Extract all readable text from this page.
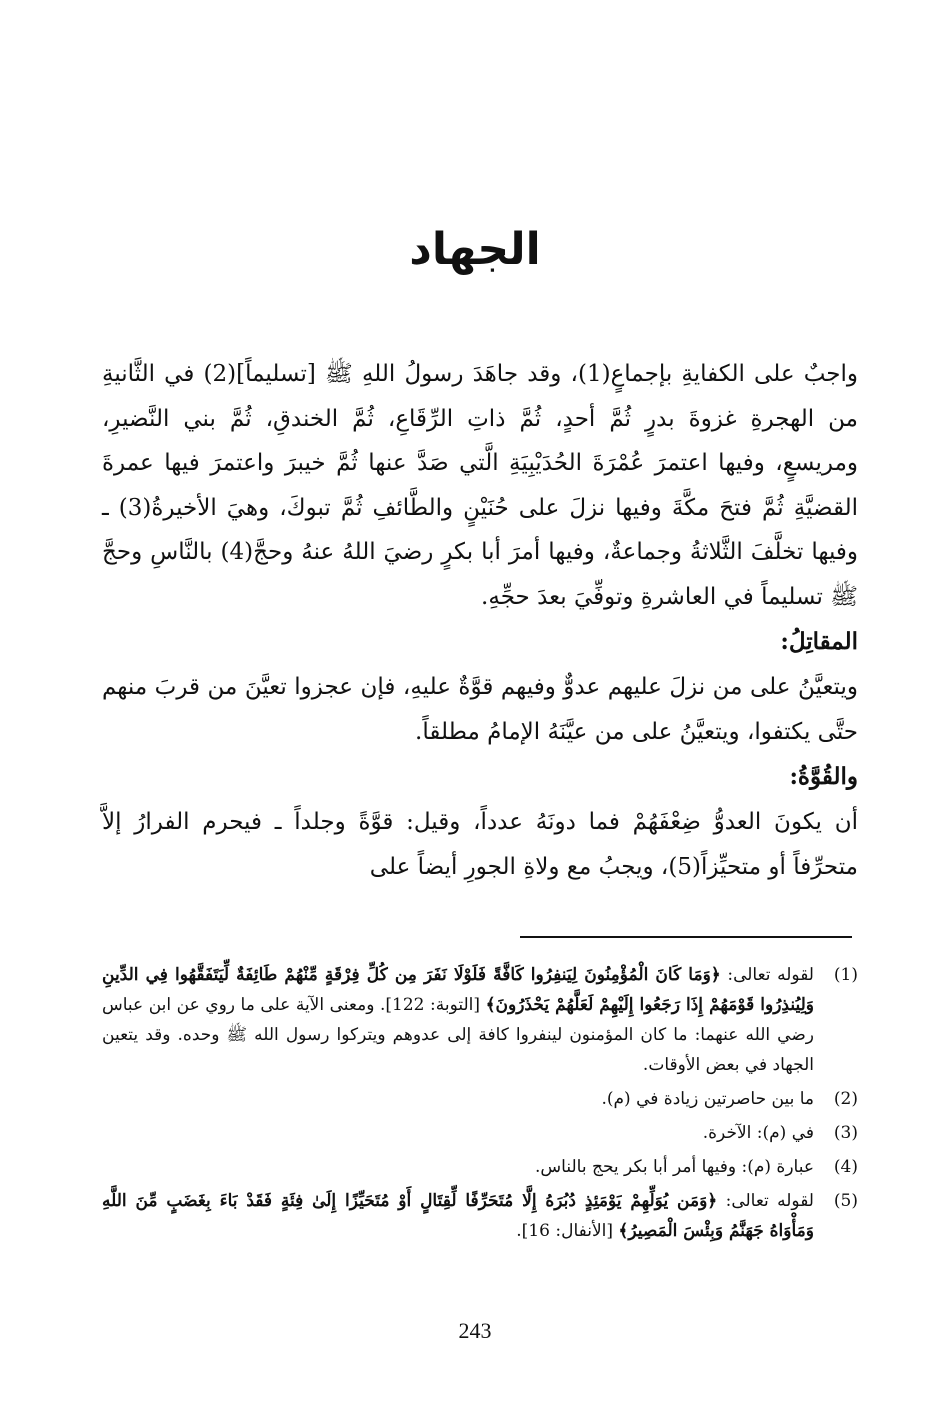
الجهاد

واجبٌ على الكفايةِ بإجماعٍ(1)، وقد جاهَدَ رسولُ اللهِ ﷺ [تسليماً](2) في الثَّانيةِ من الهجرةِ غزوةَ بدرٍ ثُمَّ أحدٍ، ثُمَّ ذاتِ الرِّقَاعِ، ثُمَّ الخندقِ، ثُمَّ بني النَّضيرِ، ومريسعٍ، وفيها اعتمرَ عُمْرَةَ الحُدَيْبِيَةِ الَّتي صَدَّ عنها ثُمَّ خيبرَ واعتمرَ فيها عمرةَ القضيَّةِ ثُمَّ فتحَ مكَّةَ وفيها نزلَ على حُنَيْنٍ والطَّائفِ ثُمَّ تبوكَ، وهيَ الأخيرةُ(3) ـ وفيها تخلَّفَ الثَّلاثةُ وجماعةٌ، وفيها أمرَ أبا بكرٍ رضيَ اللهُ عنهُ وحجَّ(4) بالنَّاسِ وحجَّ ﷺ تسليماً في العاشرةِ وتوفِّيَ بعدَ حجِّهِ.

المقاتِلُ:

ويتعيَّنُ على من نزلَ عليهم عدوٌّ وفيهم قوَّةٌ عليهِ، فإن عجزوا تعيَّنَ من قربَ منهم حتَّى يكتفوا، ويتعيَّنُ على من عيَّنَهُ الإمامُ مطلقاً.

والقُوَّةُ:

أن يكونَ العدوُّ ضِعْفَهُمْ فما دونَهُ عدداً، وقيل: قوَّةً وجلداً ـ فيحرم الفرارُ إلاَّ متحرِّفاً أو متحيِّزاً(5)، ويجبُ مع ولاةِ الجورِ أيضاً على

(1)
لقوله تعالى: ﴿وَمَا كَانَ الْمُؤْمِنُونَ لِيَنفِرُوا كَافَّةً فَلَوْلَا نَفَرَ مِن كُلِّ فِرْقَةٍ مِّنْهُمْ طَائِفَةٌ لِّيَتَفَقَّهُوا فِي الدِّينِ وَلِيُنذِرُوا قَوْمَهُمْ إِذَا رَجَعُوا إِلَيْهِمْ لَعَلَّهُمْ يَحْذَرُونَ﴾ [التوبة: 122]. ومعنى الآية على ما روي عن ابن عباس رضي الله عنهما: ما كان المؤمنون لينفروا كافة إلى عدوهم ويتركوا رسول الله ﷺ وحده. وقد يتعين الجهاد في بعض الأوقات.
(2)
ما بين حاصرتين زيادة في (م).
(3)
في (م): الآخرة.
(4)
عبارة (م): وفيها أمر أبا بكر يحج بالناس.
(5)
لقوله تعالى: ﴿وَمَن يُوَلِّهِمْ يَوْمَئِذٍ دُبُرَهُ إِلَّا مُتَحَرِّفًا لِّقِتَالٍ أَوْ مُتَحَيِّزًا إِلَىٰ فِئَةٍ فَقَدْ بَاءَ بِغَضَبٍ مِّنَ اللَّهِ وَمَأْوَاهُ جَهَنَّمُ وَبِئْسَ الْمَصِيرُ﴾ [الأنفال: 16].
243
